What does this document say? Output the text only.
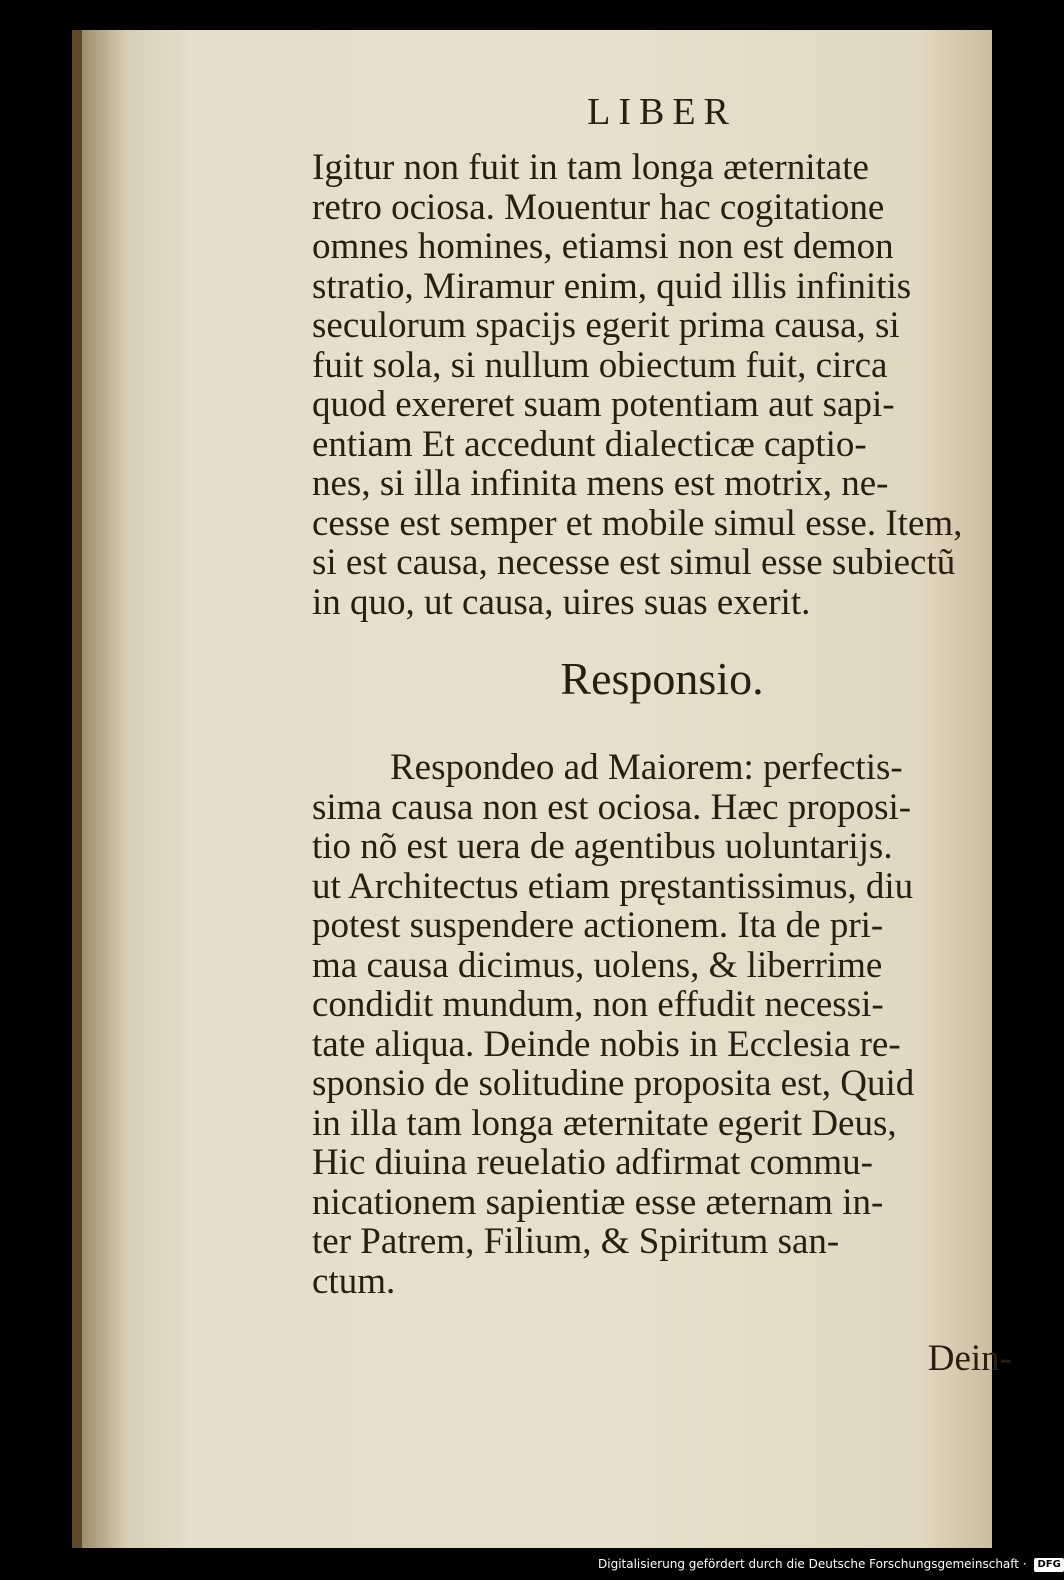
LIBER
Igitur non fuit in tam longa æternitate
retro ociosa. Mouentur hac cogitatione
omnes homines, etiamsi non est demon
stratio, Miramur enim, quid illis infinitis
seculorum spacijs egerit prima causa, si
fuit sola, si nullum obiectum fuit, circa
quod exereret suam potentiam aut sapi-
entiam Et accedunt dialecticæ captio-
nes, si illa infinita mens est motrix, ne-
cesse est semper et mobile simul esse. Item,
si est causa, necesse est simul esse subiectũ
in quo, ut causa, uires suas exerit.
Responsio.
Respondeo ad Maiorem: perfectis-
sima causa non est ociosa. Hæc proposi-
tio nõ est uera de agentibus uoluntarijs.
ut Architectus etiam pręstantissimus, diu
potest suspendere actionem. Ita de pri-
ma causa dicimus, uolens, & liberrime
condidit mundum, non effudit necessi-
tate aliqua. Deinde nobis in Ecclesia re-
sponsio de solitudine proposita est, Quid
in illa tam longa æternitate egerit Deus,
Hic diuina reuelatio adfirmat commu-
nicationem sapientiæ esse æternam in-
ter Patrem, Filium, & Spiritum san-
ctum.
Dein-
Digitalisierung gefördert durch die Deutsche Forschungsgemeinschaft · DFG
